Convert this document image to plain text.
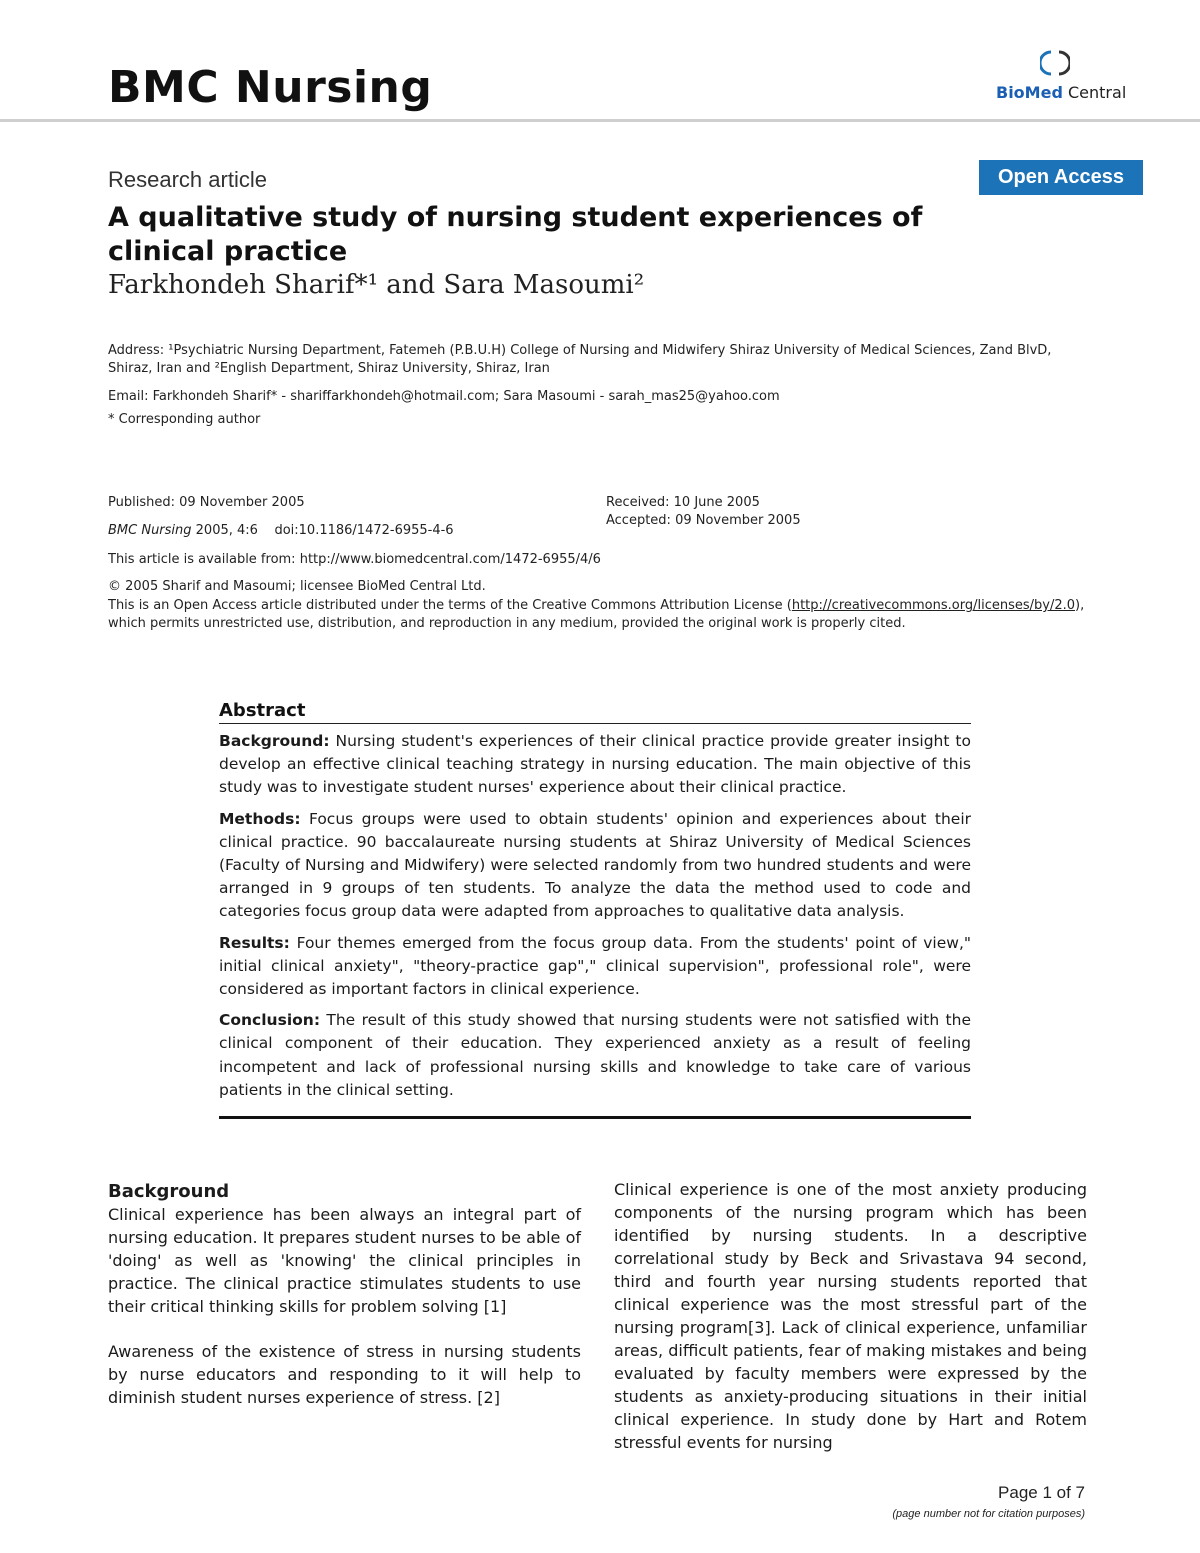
BMC Nursing	BioMed Central
Research article	Open Access
A qualitative study of nursing student experiences of clinical practice
Farkhondeh Sharif*¹ and Sara Masoumi²
Address: ¹Psychiatric Nursing Department, Fatemeh (P.B.U.H) College of Nursing and Midwifery Shiraz University of Medical Sciences, Zand BlvD, Shiraz, Iran and ²English Department, Shiraz University, Shiraz, Iran
Email: Farkhondeh Sharif* - shariffarkhondeh@hotmail.com; Sara Masoumi - sarah_mas25@yahoo.com
* Corresponding author
Published: 09 November 2005	Received: 10 June 2005
Accepted: 09 November 2005
BMC Nursing 2005, 4:6    doi:10.1186/1472-6955-4-6
This article is available from: http://www.biomedcentral.com/1472-6955/4/6
© 2005 Sharif and Masoumi; licensee BioMed Central Ltd.
This is an Open Access article distributed under the terms of the Creative Commons Attribution License (http://creativecommons.org/licenses/by/2.0), which permits unrestricted use, distribution, and reproduction in any medium, provided the original work is properly cited.
Abstract

Background: Nursing student's experiences of their clinical practice provide greater insight to develop an effective clinical teaching strategy in nursing education. The main objective of this study was to investigate student nurses' experience about their clinical practice.

Methods: Focus groups were used to obtain students' opinion and experiences about their clinical practice. 90 baccalaureate nursing students at Shiraz University of Medical Sciences (Faculty of Nursing and Midwifery) were selected randomly from two hundred students and were arranged in 9 groups of ten students. To analyze the data the method used to code and categories focus group data were adapted from approaches to qualitative data analysis.

Results: Four themes emerged from the focus group data. From the students' point of view," initial clinical anxiety", "theory-practice gap"," clinical supervision", professional role", were considered as important factors in clinical experience.

Conclusion: The result of this study showed that nursing students were not satisfied with the clinical component of their education. They experienced anxiety as a result of feeling incompetent and lack of professional nursing skills and knowledge to take care of various patients in the clinical setting.

Background

Clinical experience has been always an integral part of nursing education. It prepares student nurses to be able of 'doing' as well as 'knowing' the clinical principles in practice. The clinical practice stimulates students to use their critical thinking skills for problem solving [1]

Awareness of the existence of stress in nursing students by nurse educators and responding to it will help to diminish student nurses experience of stress. [2]

Clinical experience is one of the most anxiety producing components of the nursing program which has been identified by nursing students. In a descriptive correlational study by Beck and Srivastava 94 second, third and fourth year nursing students reported that clinical experience was the most stressful part of the nursing program[3]. Lack of clinical experience, unfamiliar areas, difficult patients, fear of making mistakes and being evaluated by faculty members were expressed by the students as anxiety-producing situations in their initial clinical experience. In study done by Hart and Rotem stressful events for nursing

Page 1 of 7
(page number not for citation purposes)
